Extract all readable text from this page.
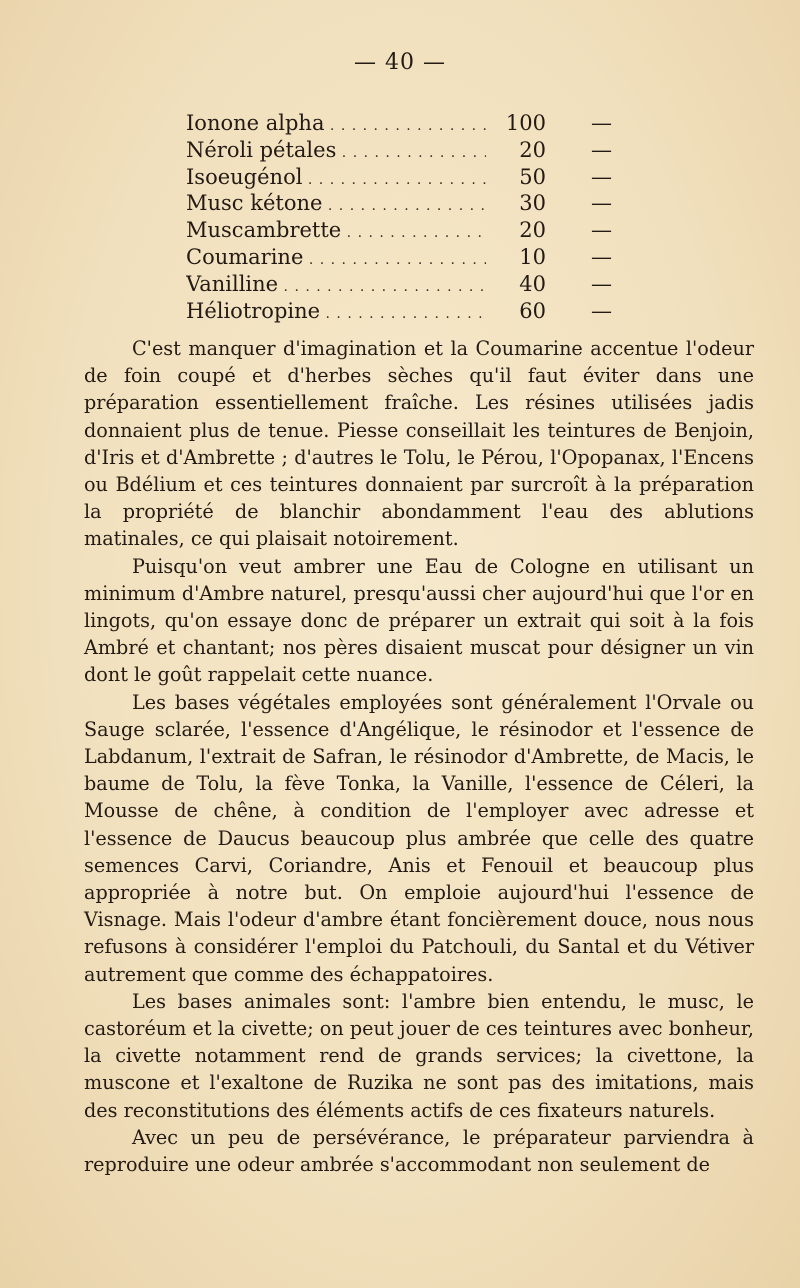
— 40 —
Ionone alpha . . .	100 —
Néroli pétales . . .	20 —
Isoeugénol . . .	50 —
Musc kétone . . .	30 —
Muscambrette . . .	20 —
Coumarine . . .	10 —
Vanilline . . .	40 —
Héliotropine . . .	60 —

C'est manquer d'imagination et la Coumarine accentue l'odeur de foin coupé et d'herbes sèches qu'il faut éviter dans une préparation essentiellement fraîche. Les résines utilisées jadis donnaient plus de tenue. Piesse conseillait les teintures de Benjoin, d'Iris et d'Ambrette ; d'autres le Tolu, le Pérou, l'Opopanax, l'Encens ou Bdélium et ces teintures donnaient par surcroît à la préparation la propriété de blanchir abondamment l'eau des ablutions matinales, ce qui plaisait notoirement.

Puisqu'on veut ambrer une Eau de Cologne en utilisant un minimum d'Ambre naturel, presqu'aussi cher aujourd'hui que l'or en lingots, qu'on essaye donc de préparer un extrait qui soit à la fois Ambré et chantant; nos pères disaient muscat pour désigner un vin dont le goût rappelait cette nuance.

Les bases végétales employées sont généralement l'Orvale ou Sauge sclarée, l'essence d'Angélique, le résinodor et l'essence de Labdanum, l'extrait de Safran, le résinodor d'Ambrette, de Macis, le baume de Tolu, la fève Tonka, la Vanille, l'essence de Céleri, la Mousse de chêne, à condition de l'employer avec adresse et l'essence de Daucus beaucoup plus ambrée que celle des quatre semences Carvi, Coriandre, Anis et Fenouil et beaucoup plus appropriée à notre but. On emploie aujourd'hui l'essence de Visnage. Mais l'odeur d'ambre étant foncièrement douce, nous nous refusons à considérer l'emploi du Patchouli, du Santal et du Vétiver autrement que comme des échappatoires.

Les bases animales sont: l'ambre bien entendu, le musc, le castoréum et la civette; on peut jouer de ces teintures avec bonheur, la civette notamment rend de grands services; la civettone, la muscone et l'exaltone de Ruzika ne sont pas des imitations, mais des reconstitutions des éléments actifs de ces fixateurs naturels.

Avec un peu de persévérance, le préparateur parviendra à reproduire une odeur ambrée s'accommodant non seulement de
